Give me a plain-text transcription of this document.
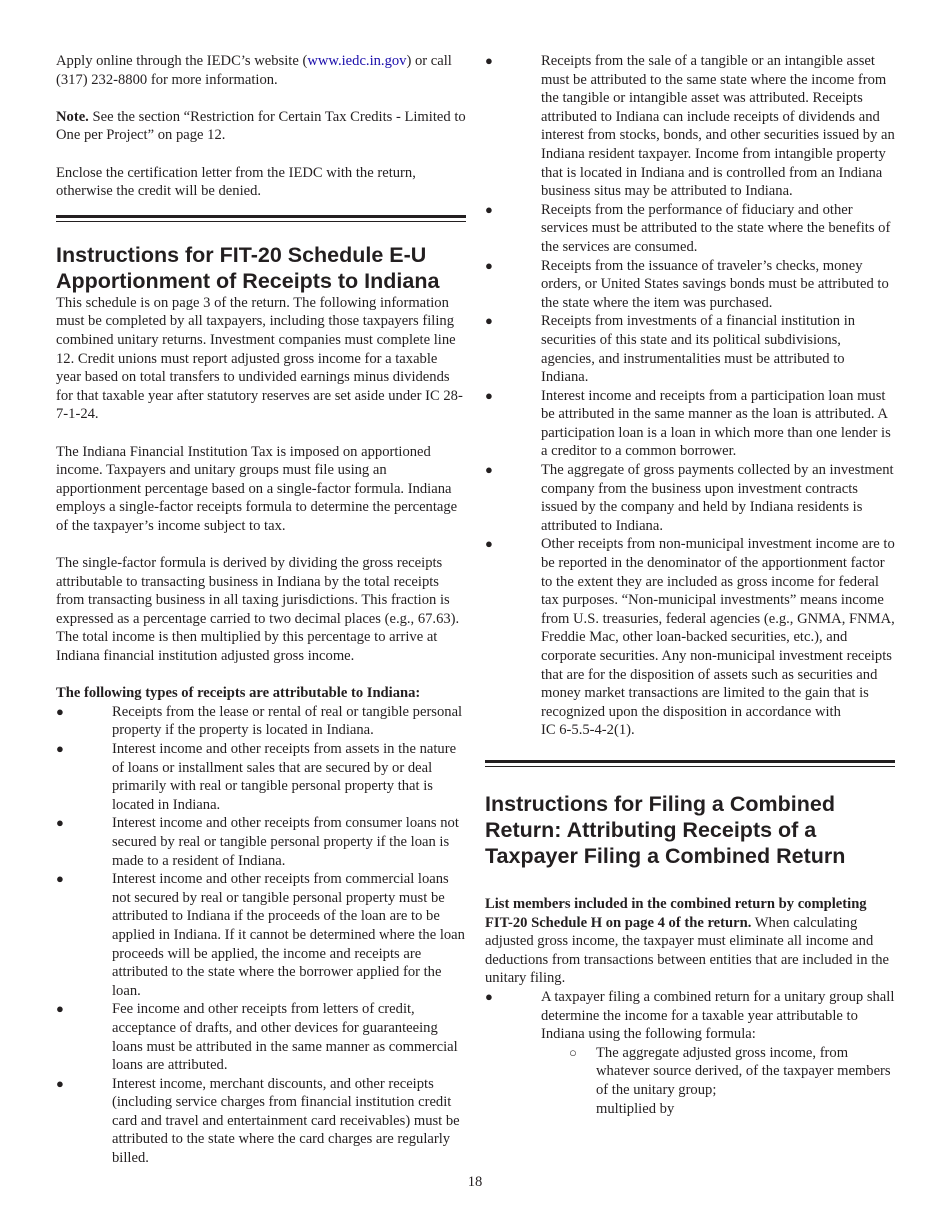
Apply online through the IEDC’s website (www.iedc.in.gov) or call (317) 232-8800 for more information.

Note. See the section “Restriction for Certain Tax Credits - Limited to One per Project” on page 12.

Enclose the certification letter from the IEDC with the return, otherwise the credit will be denied.

Instructions for FIT-20 Schedule E-U Apportionment of Receipts to Indiana

This schedule is on page 3 of the return. The following information must be completed by all taxpayers, including those taxpayers filing combined unitary returns. Investment companies must complete line 12. Credit unions must report adjusted gross income for a taxable year based on total transfers to undivided earnings minus dividends for that taxable year after statutory reserves are set aside under IC 28-7-1-24.

The Indiana Financial Institution Tax is imposed on apportioned income. Taxpayers and unitary groups must file using an apportionment percentage based on a single-factor formula. Indiana employs a single-factor receipts formula to determine the percentage of the taxpayer’s income subject to tax.

The single-factor formula is derived by dividing the gross receipts attributable to transacting business in Indiana by the total receipts from transacting business in all taxing jurisdictions. This fraction is expressed as a percentage carried to two decimal places (e.g., 67.63). The total income is then multiplied by this percentage to arrive at Indiana financial institution adjusted gross income.

The following types of receipts are attributable to Indiana:

●	Receipts from the lease or rental of real or tangible personal property if the property is located in Indiana.
●	Interest income and other receipts from assets in the nature of loans or installment sales that are secured by or deal primarily with real or tangible personal property that is located in Indiana.
●	Interest income and other receipts from consumer loans not secured by real or tangible personal property if the loan is made to a resident of Indiana.
●	Interest income and other receipts from commercial loans not secured by real or tangible personal property must be attributed to Indiana if the proceeds of the loan are to be applied in Indiana. If it cannot be determined where the loan proceeds will be applied, the income and receipts are attributed to the state where the borrower applied for the loan.
●	Fee income and other receipts from letters of credit, acceptance of drafts, and other devices for guaranteeing loans must be attributed in the same manner as commercial loans are attributed.
●	Interest income, merchant discounts, and other receipts (including service charges from financial institution credit card and travel and entertainment card receivables) must be attributed to the state where the card charges are regularly billed.
●	Receipts from the sale of a tangible or an intangible asset must be attributed to the same state where the income from the tangible or intangible asset was attributed. Receipts attributed to Indiana can include receipts of dividends and interest from stocks, bonds, and other securities issued by an Indiana resident taxpayer. Income from intangible property that is located in Indiana and is controlled from an Indiana business situs may be attributed to Indiana.
●	Receipts from the performance of fiduciary and other services must be attributed to the state where the benefits of the services are consumed.
●	Receipts from the issuance of traveler’s checks, money orders, or United States savings bonds must be attributed to the state where the item was purchased.
●	Receipts from investments of a financial institution in securities of this state and its political subdivisions, agencies, and instrumentalities must be attributed to Indiana.
●	Interest income and receipts from a participation loan must be attributed in the same manner as the loan is attributed. A participation loan is a loan in which more than one lender is a creditor to a common borrower.
●	The aggregate of gross payments collected by an investment company from the business upon investment contracts issued by the company and held by Indiana residents is attributed to Indiana.
●	Other receipts from non-municipal investment income are to be reported in the denominator of the apportionment factor to the extent they are included as gross income for federal tax purposes. “Non-municipal investments” means income from U.S. treasuries, federal agencies (e.g., GNMA, FNMA, Freddie Mac, other loan-backed securities, etc.), and corporate securities. Any non-municipal investment receipts that are for the disposition of assets such as securities and money market transactions are limited to the gain that is recognized upon the disposition in accordance with
IC 6-5.5-4-2(1).
Instructions for Filing a Combined Return: Attributing Receipts of a Taxpayer Filing a Combined Return

List members included in the combined return by completing FIT-20 Schedule H on page 4 of the return. When calculating adjusted gross income, the taxpayer must eliminate all income and deductions from transactions between entities that are included in the unitary filing.

●	A taxpayer filing a combined return for a unitary group shall determine the income for a taxable year attributable to Indiana using the following formula:
○ The aggregate adjusted gross income, from whatever source derived, of the taxpayer members of the unitary group;
multiplied by
18
